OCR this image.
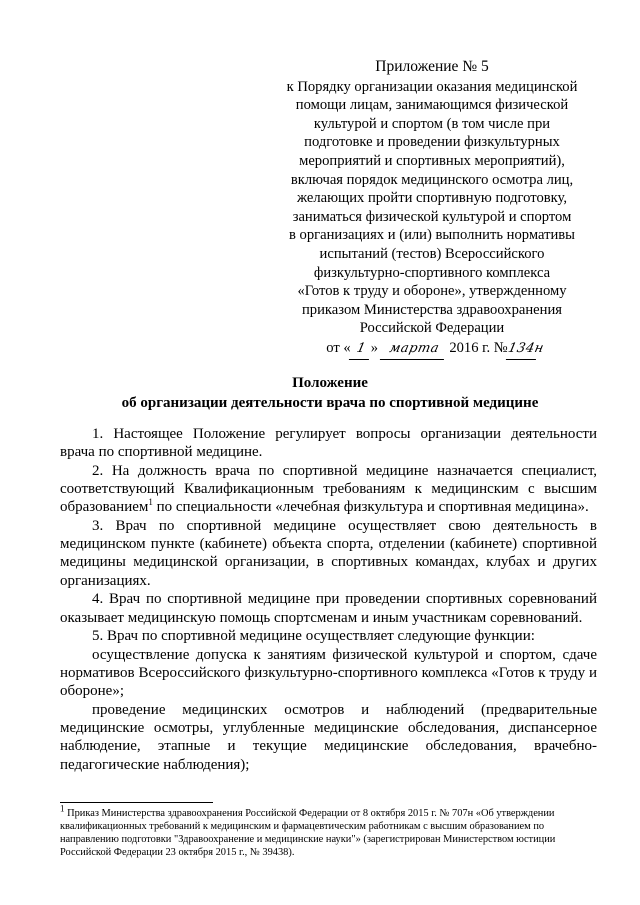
Приложение № 5
к Порядку организации оказания медицинской
помощи лицам, занимающимся физической
культурой и спортом (в том числе при
подготовке и проведении физкультурных
мероприятий и спортивных мероприятий),
включая порядок медицинского осмотра лиц,
желающих пройти спортивную подготовку,
заниматься физической культурой и спортом
в организациях и (или) выполнить нормативы
испытаний (тестов) Всероссийского
физкультурно-спортивного комплекса
«Готов к труду и обороне», утвержденному
приказом Министерства здравоохранения
Российской Федерации
от « 1 » марта 2016 г. №134н
Положение
об организации деятельности врача по спортивной медицине

1. Настоящее Положение регулирует вопросы организации деятельности врача по спортивной медицине.

2. На должность врача по спортивной медицине назначается специалист, соответствующий Квалификационным требованиям к медицинским с высшим образованием$^1$ по специальности «лечебная физкультура и спортивная медицина».

3. Врач по спортивной медицине осуществляет свою деятельность в медицинском пункте (кабинете) объекта спорта, отделении (кабинете) спортивной медицины медицинской организации, в спортивных командах, клубах и других организациях.

4. Врач по спортивной медицине при проведении спортивных соревнований оказывает медицинскую помощь спортсменам и иным участникам соревнований.

5. Врач по спортивной медицине осуществляет следующие функции:

осуществление допуска к занятиям физической культурой и спортом, сдаче нормативов Всероссийского физкультурно-спортивного комплекса «Готов к труду и обороне»;

проведение медицинских осмотров и наблюдений (предварительные медицинские осмотры, углубленные медицинские обследования, диспансерное наблюдение, этапные и текущие медицинские обследования, врачебно-педагогические наблюдения);

$^1$ Приказ Министерства здравоохранения Российской Федерации от 8 октября 2015 г. № 707н «Об утверждении квалификационных требований к медицинским и фармацевтическим работникам с высшим образованием по направлению подготовки "Здравоохранение и медицинские науки"» (зарегистрирован Министерством юстиции Российской Федерации 23 октября 2015 г., № 39438).
